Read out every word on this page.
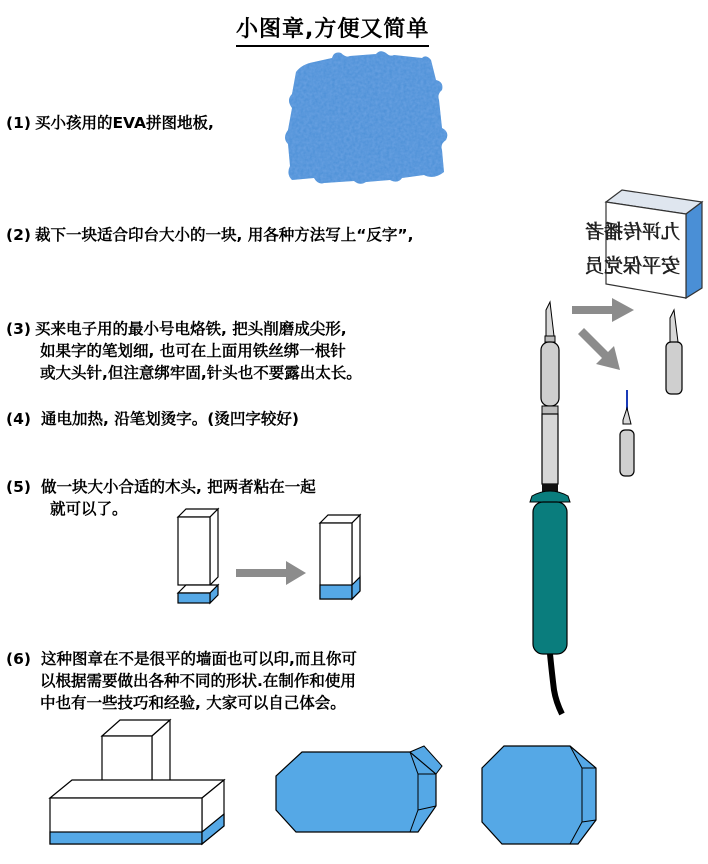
小图章,方便又简单
(1) 买小孩用的EVA拼图地板,
(2) 裁下一块适合印台大小的一块, 用各种方法写上“反字”,	九评传播者
安平保党员
(3) 买来电子用的最小号电烙铁, 把头削磨成尖形,
如果字的笔划细, 也可在上面用铁丝绑一根针
或大头针,但注意绑牢固,针头也不要露出太长。
(4) 通电加热, 沿笔划烫字。(烫凹字较好)
(5) 做一块大小合适的木头, 把两者粘在一起
就可以了。
(6) 这种图章在不是很平的墙面也可以印,而且你可
以根据需要做出各种不同的形状.在制作和使用
中也有一些技巧和经验, 大家可以自己体会。
